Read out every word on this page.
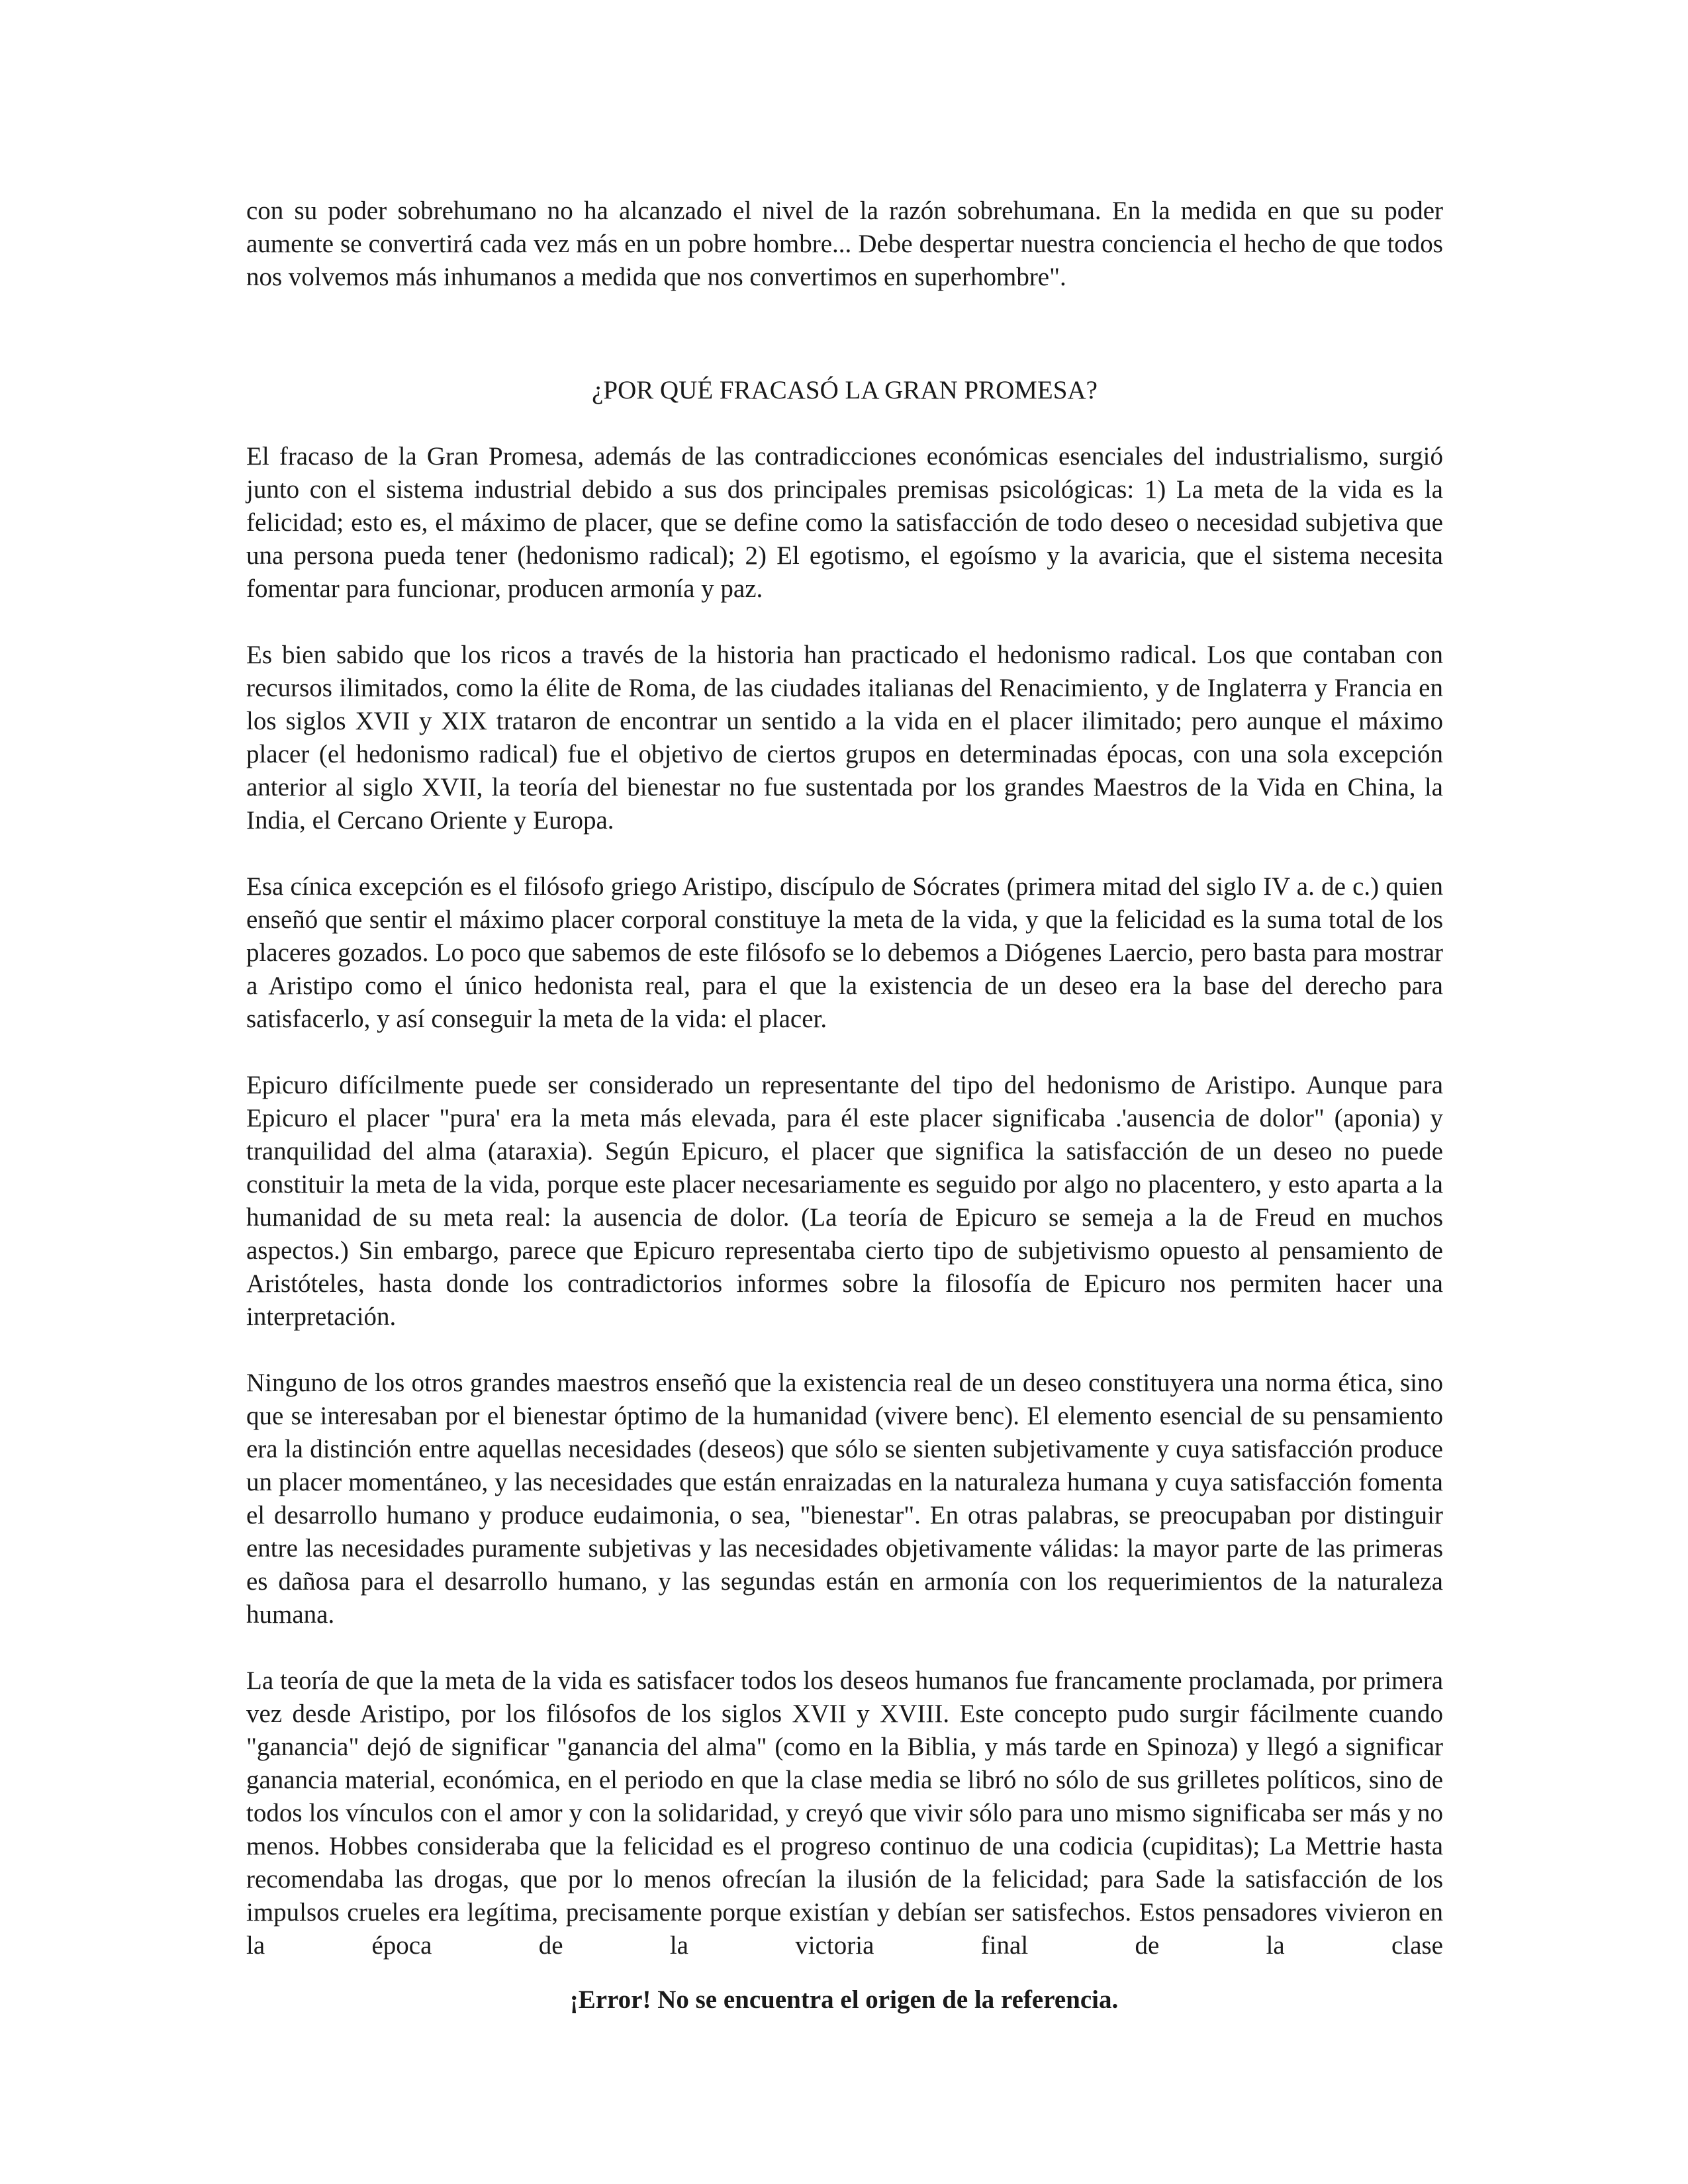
con su poder sobrehumano no ha alcanzado el nivel de la razón sobrehumana. En la medida en que su poder aumente se convertirá cada vez más en un pobre hombre... Debe despertar nuestra conciencia el hecho de que todos nos volvemos más inhumanos a medida que nos convertimos en superhombre".

¿POR QUÉ FRACASÓ LA GRAN PROMESA?

El fracaso de la Gran Promesa, además de las contradicciones económicas esenciales del industrialismo, surgió junto con el sistema industrial debido a sus dos principales premisas psicológicas: 1) La meta de la vida es la felicidad; esto es, el máximo de placer, que se define como la satisfacción de todo deseo o necesidad subjetiva que una persona pueda tener (hedonismo radical); 2) El egotismo, el egoísmo y la avaricia, que el sistema necesita fomentar para funcionar, producen armonía y paz.

Es bien sabido que los ricos a través de la historia han practicado el hedonismo radical. Los que contaban con recursos ilimitados, como la élite de Roma, de las ciudades italianas del Renacimiento, y de Inglaterra y Francia en los siglos XVII y XIX trataron de encontrar un sentido a la vida en el placer ilimitado; pero aunque el máximo placer (el hedonismo radical) fue el objetivo de ciertos grupos en determinadas épocas, con una sola excepción anterior al siglo XVII, la teoría del bienestar no fue sustentada por los grandes Maestros de la Vida en China, la India, el Cercano Oriente y Europa.

Esa cínica excepción es el filósofo griego Aristipo, discípulo de Sócrates (primera mitad del siglo IV a. de c.) quien enseñó que sentir el máximo placer corporal constituye la meta de la vida, y que la felicidad es la suma total de los placeres gozados. Lo poco que sabemos de este filósofo se lo debemos a Diógenes Laercio, pero basta para mostrar a Aristipo como el único hedonista real, para el que la existencia de un deseo era la base del derecho para satisfacerlo, y así conseguir la meta de la vida: el placer.

Epicuro difícilmente puede ser considerado un representante del tipo del hedonismo de Aristipo. Aunque para Epicuro el placer "pura' era la meta más elevada, para él este placer significaba .'ausencia de dolor" (aponia) y tranquilidad del alma (ataraxia). Según Epicuro, el placer que significa la satisfacción de un deseo no puede constituir la meta de la vida, porque este placer necesariamente es seguido por algo no placentero, y esto aparta a la humanidad de su meta real: la ausencia de dolor. (La teoría de Epicuro se semeja a la de Freud en muchos aspectos.) Sin embargo, parece que Epicuro representaba cierto tipo de subjetivismo opuesto al pensamiento de Aristóteles, hasta donde los contradictorios informes sobre la filosofía de Epicuro nos permiten hacer una interpretación.

Ninguno de los otros grandes maestros enseñó que la existencia real de un deseo constituyera una norma ética, sino que se interesaban por el bienestar óptimo de la humanidad (vivere benc). El elemento esencial de su pensamiento era la distinción entre aquellas necesidades (deseos) que sólo se sienten subjetivamente y cuya satisfacción produce un placer momentáneo, y las necesidades que están enraizadas en la naturaleza humana y cuya satisfacción fomenta el desarrollo humano y produce eudaimonia, o sea, "bienestar". En otras palabras, se preocupaban por distinguir entre las necesidades puramente subjetivas y las necesidades objetivamente válidas: la mayor parte de las primeras es dañosa para el desarrollo humano, y las segundas están en armonía con los requerimientos de la naturaleza humana.

La teoría de que la meta de la vida es satisfacer todos los deseos humanos fue francamente proclamada, por primera vez desde Aristipo, por los filósofos de los siglos XVII y XVIII. Este concepto pudo surgir fácilmente cuando "ganancia" dejó de significar "ganancia del alma" (como en la Biblia, y más tarde en Spinoza) y llegó a significar ganancia material, económica, en el periodo en que la clase media se libró no sólo de sus grilletes políticos, sino de todos los vínculos con el amor y con la solidaridad, y creyó que vivir sólo para uno mismo significaba ser más y no menos. Hobbes consideraba que la felicidad es el progreso continuo de una codicia (cupiditas); La Mettrie hasta recomendaba las drogas, que por lo menos ofrecían la ilusión de la felicidad; para Sade la satisfacción de los impulsos crueles era legítima, precisamente porque existían y debían ser satisfechos. Estos pensadores vivieron en la época de la victoria final de la clase

¡Error! No se encuentra el origen de la referencia.
